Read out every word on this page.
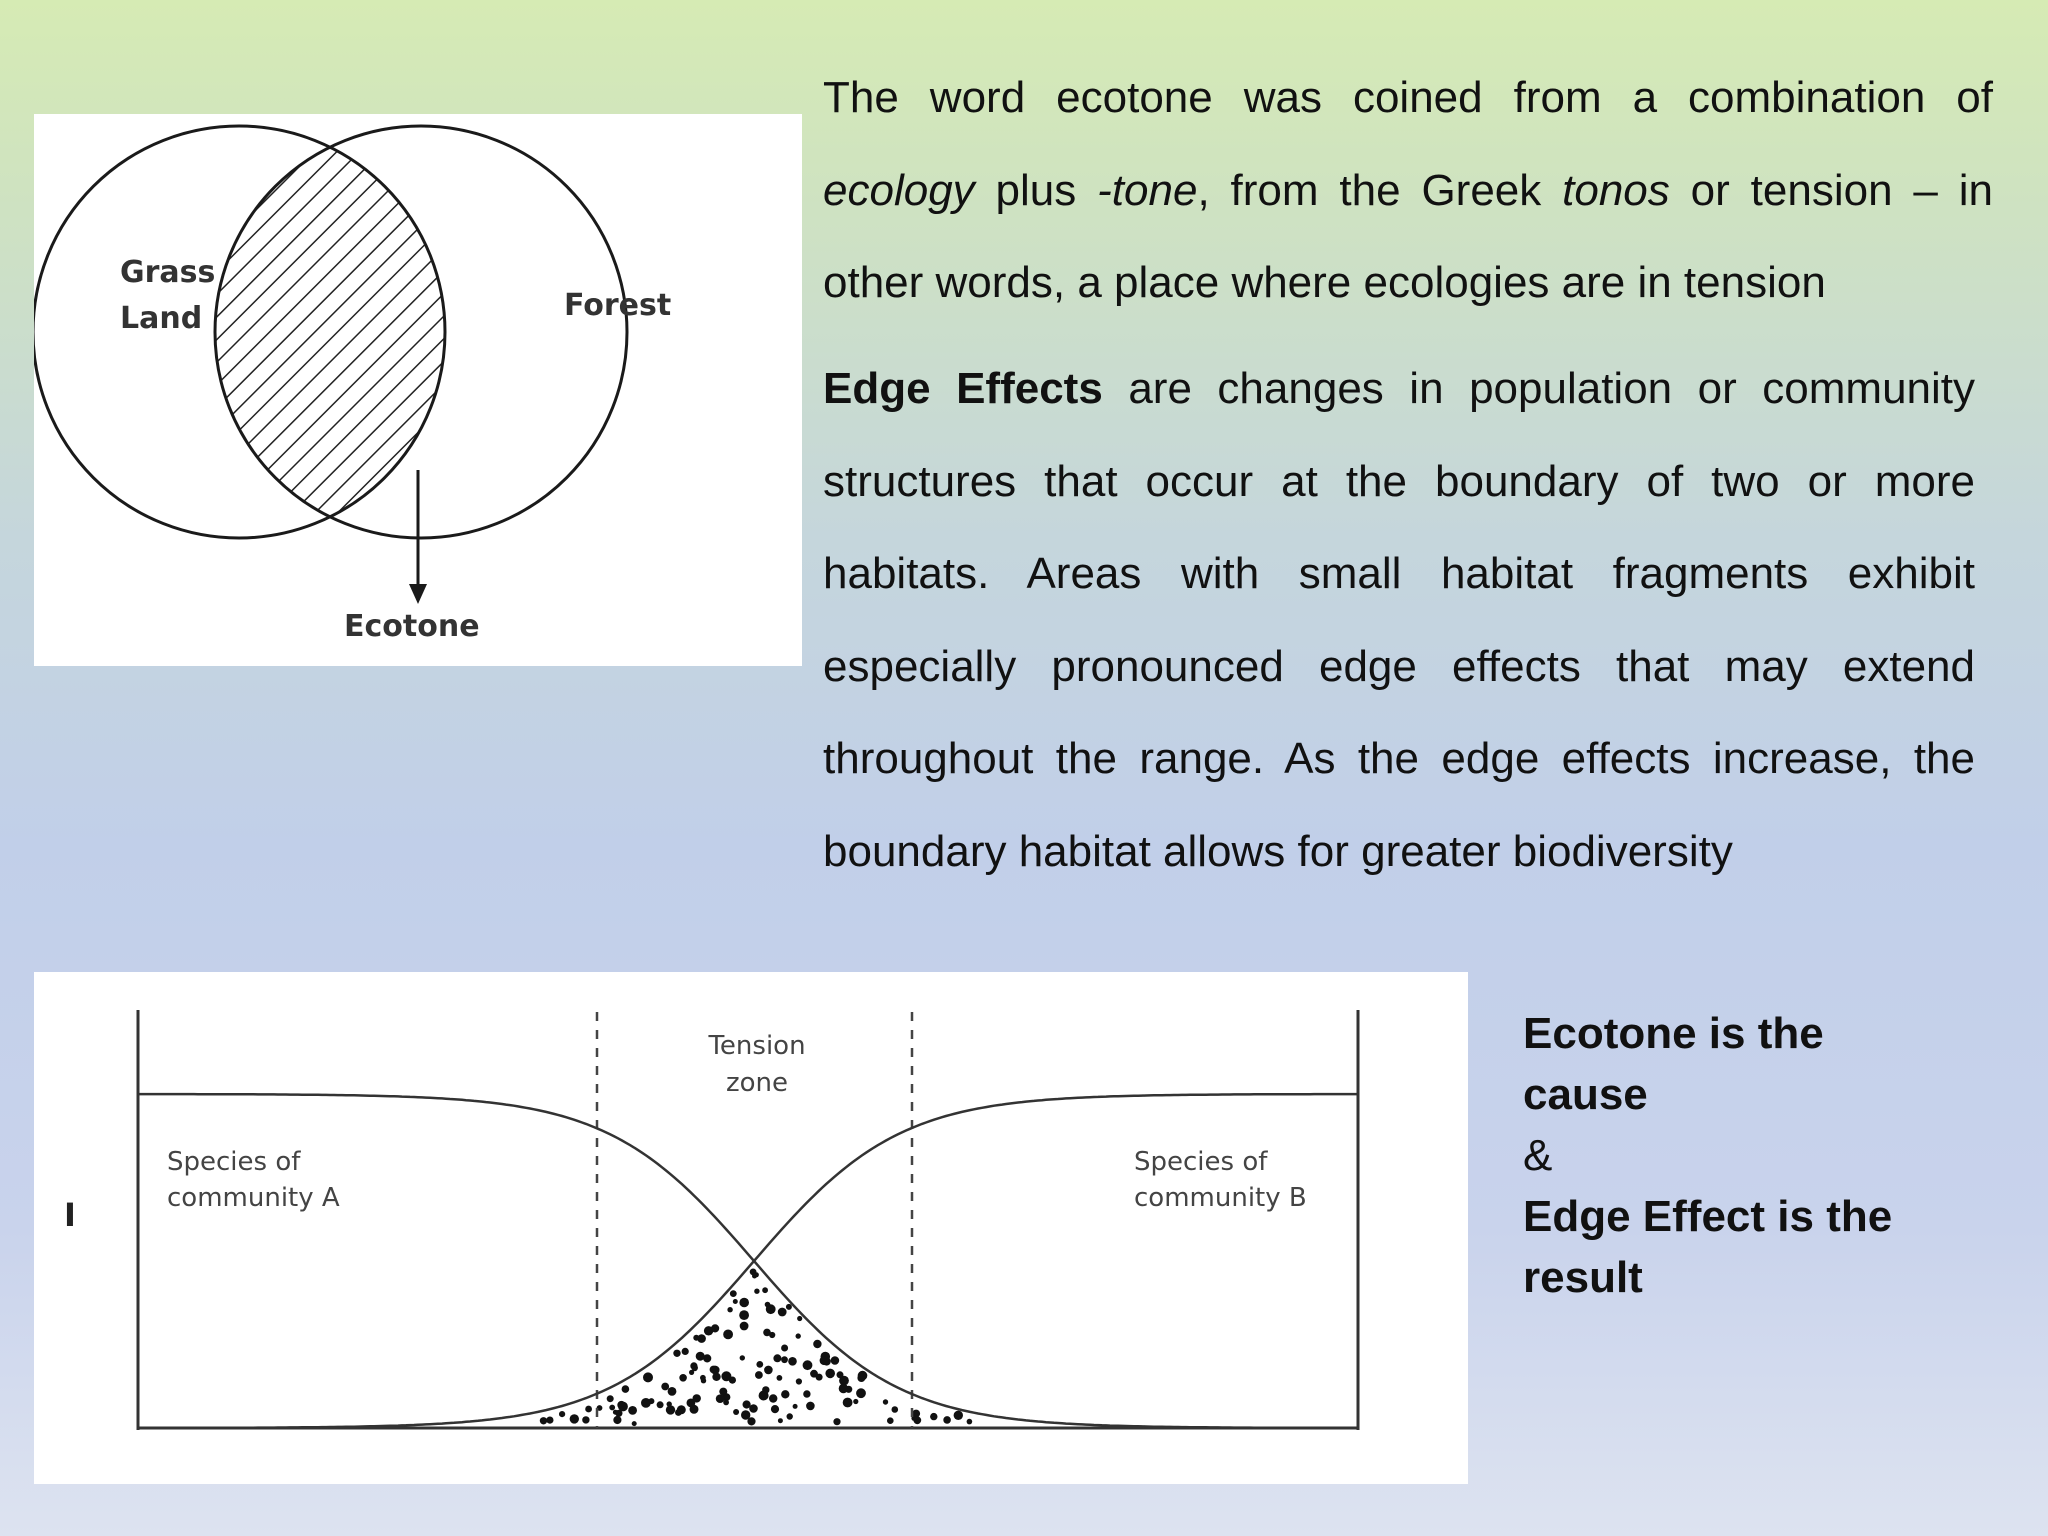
Grass
Land	Forest
Ecotone

The word ecotone was coined from a combination of ecology plus -tone, from the Greek tonos or tension – in other words, a place where ecologies are in tension

Edge Effects are changes in population or community structures that occur at the boundary of two or more habitats. Areas with small habitat fragments exhibit especially pronounced edge effects that may extend throughout the range. As the edge effects increase, the boundary habitat allows for greater biodiversity

Tension
zone
Species of
community A
Species of
community B
I
Ecotone is the cause
&
Edge Effect is the result
